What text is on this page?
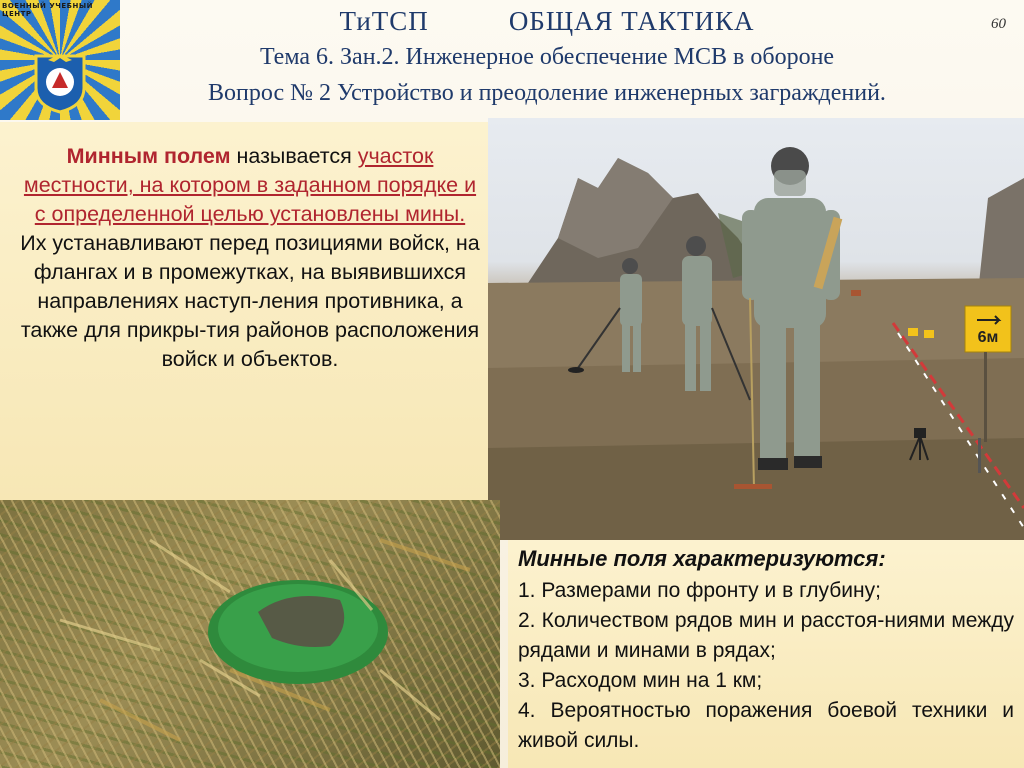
ВОЕННЫЙ УЧЕБНЫЙ ЦЕНТР	ТиТСП	ОБЩАЯ ТАКТИКА
Тема 6. Зан.2. Инженерное обеспечение МСВ в обороне
Вопрос № 2 Устройство и преодоление инженерных заграждений.
60

Минным полем называется участок местности, на котором в заданном порядке и с определенной целью установлены мины.
Их устанавливают перед позициями войск, на флангах и в промежутках, на выявившихся направлениях наступ-ления противника, а также для прикры-тия районов расположения войск и объектов.

6м
Минные поля характеризуются:
1. Размерами по фронту и в глубину;
2. Количеством рядов мин и расстоя-ниями между рядами и минами в рядах;
3. Расходом мин на 1 км;
4. Вероятностью поражения боевой техники и живой силы.
